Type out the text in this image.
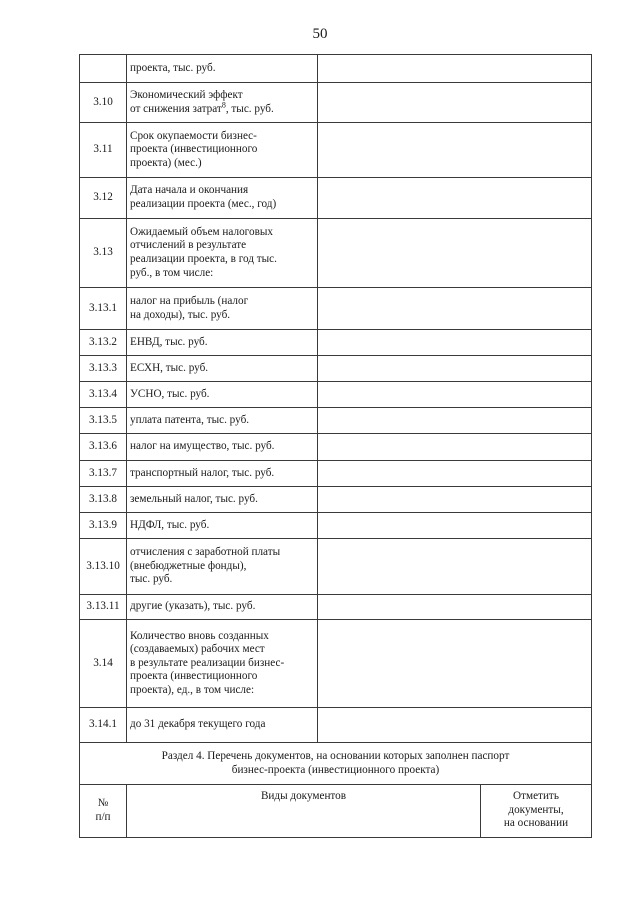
50
	проекта, тыс. руб.	
3.10	Экономический эффект
от снижения затрат$^8$, тыс. руб.	
3.11	Срок окупаемости бизнес-
проекта (инвестиционного
проекта) (мес.)	
3.12	Дата начала и окончания
реализации проекта (мес., год)	
3.13	Ожидаемый объем налоговых
отчислений в результате
реализации проекта, в год тыс.
руб., в том числе:	
3.13.1	налог на прибыль (налог
на доходы), тыс. руб.	
3.13.2	ЕНВД, тыс. руб.	
3.13.3	ЕСХН, тыс. руб.	
3.13.4	УСНО, тыс. руб.	
3.13.5	уплата патента, тыс. руб.	
3.13.6	налог на имущество, тыс. руб.	
3.13.7	транспортный налог, тыс. руб.	
3.13.8	земельный налог, тыс. руб.	
3.13.9	НДФЛ, тыс. руб.	
3.13.10	отчисления с заработной платы
(внебюджетные фонды),
тыс. руб.	
3.13.11	другие (указать), тыс. руб.	
3.14	Количество вновь созданных
(создаваемых) рабочих мест
в результате реализации бизнес-
проекта (инвестиционного
проекта), ед., в том числе:	
3.14.1	до 31 декабря текущего года	
Раздел 4. Перечень документов, на основании которых заполнен паспорт
бизнес-проекта (инвестиционного проекта)
№
п/п	
Виды документов	Отметить
документы,
на основании
